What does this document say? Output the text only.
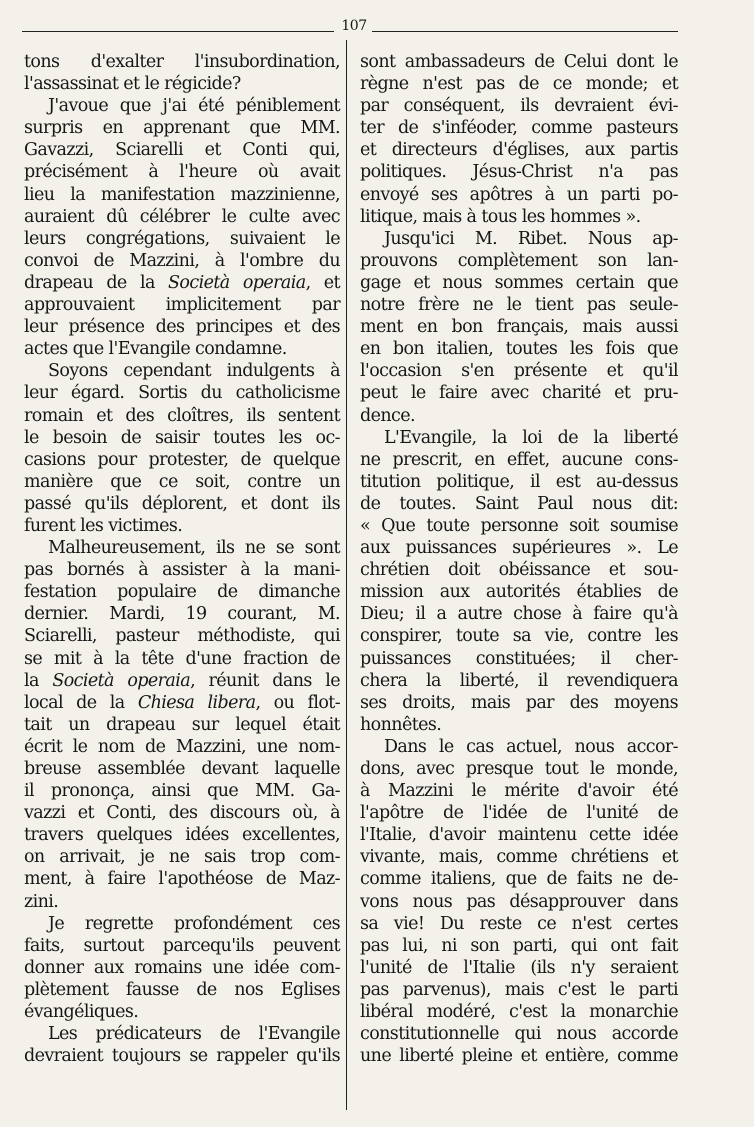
107
tons d'exalter l'insubordination,
l'assassinat et le régicide?
J'avoue que j'ai été péniblement
surpris en apprenant que MM.
Gavazzi, Sciarelli et Conti qui,
précisément à l'heure où avait
lieu la manifestation mazzinienne,
auraient dû célébrer le culte avec
leurs congrégations, suivaient le
convoi de Mazzini, à l'ombre du
drapeau de la Società operaia, et
approuvaient implicitement par
leur présence des principes et des
actes que l'Evangile condamne.
Soyons cependant indulgents à
leur égard. Sortis du catholicisme
romain et des cloîtres, ils sentent
le besoin de saisir toutes les oc-
casions pour protester, de quelque
manière que ce soit, contre un
passé qu'ils déplorent, et dont ils
furent les victimes.
Malheureusement, ils ne se sont
pas bornés à assister à la mani-
festation populaire de dimanche
dernier. Mardi, 19 courant, M.
Sciarelli, pasteur méthodiste, qui
se mit à la tête d'une fraction de
la Società operaia, réunit dans le
local de la Chiesa libera, ou flot-
tait un drapeau sur lequel était
écrit le nom de Mazzini, une nom-
breuse assemblée devant laquelle
il prononça, ainsi que MM. Ga-
vazzi et Conti, des discours où, à
travers quelques idées excellentes,
on arrivait, je ne sais trop com-
ment, à faire l'apothéose de Maz-
zini.
Je regrette profondément ces
faits, surtout parcequ'ils peuvent
donner aux romains une idée com-
plètement fausse de nos Eglises
évangéliques.
Les prédicateurs de l'Evangile
devraient toujours se rappeler qu'ils
sont ambassadeurs de Celui dont le
règne n'est pas de ce monde; et
par conséquent, ils devraient évi-
ter de s'inféoder, comme pasteurs
et directeurs d'églises, aux partis
politiques. Jésus-Christ n'a pas
envoyé ses apôtres à un parti po-
litique, mais à tous les hommes ».
Jusqu'ici M. Ribet. Nous ap-
prouvons complètement son lan-
gage et nous sommes certain que
notre frère ne le tient pas seule-
ment en bon français, mais aussi
en bon italien, toutes les fois que
l'occasion s'en présente et qu'il
peut le faire avec charité et pru-
dence.
L'Evangile, la loi de la liberté
ne prescrit, en effet, aucune cons-
titution politique, il est au-dessus
de toutes. Saint Paul nous dit:
« Que toute personne soit soumise
aux puissances supérieures ». Le
chrétien doit obéissance et sou-
mission aux autorités établies de
Dieu; il a autre chose à faire qu'à
conspirer, toute sa vie, contre les
puissances constituées; il cher-
chera la liberté, il revendiquera
ses droits, mais par des moyens
honnêtes.
Dans le cas actuel, nous accor-
dons, avec presque tout le monde,
à Mazzini le mérite d'avoir été
l'apôtre de l'idée de l'unité de
l'Italie, d'avoir maintenu cette idée
vivante, mais, comme chrétiens et
comme italiens, que de faits ne de-
vons nous pas désapprouver dans
sa vie! Du reste ce n'est certes
pas lui, ni son parti, qui ont fait
l'unité de l'Italie (ils n'y seraient
pas parvenus), mais c'est le parti
libéral modéré, c'est la monarchie
constitutionnelle qui nous accorde
une liberté pleine et entière, comme
